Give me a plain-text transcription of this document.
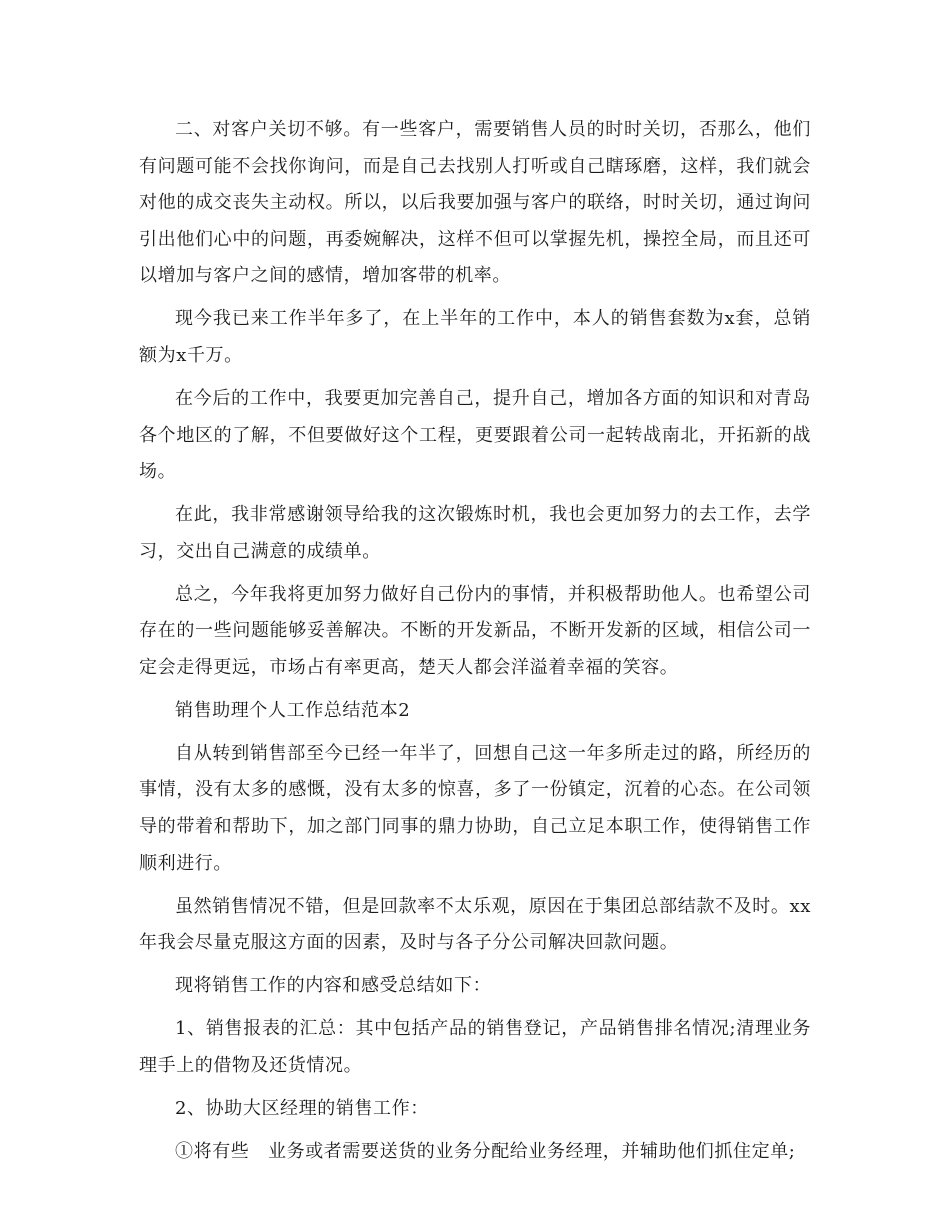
二、对客户关切不够。有一些客户，需要销售人员的时时关切，否那么，他们有问题可能不会找你询问，而是自己去找别人打听或自己瞎琢磨，这样，我们就会对他的成交丧失主动权。所以，以后我要加强与客户的联络，时时关切，通过询问引出他们心中的问题，再委婉解决，这样不但可以掌握先机，操控全局，而且还可以增加与客户之间的感情，增加客带的机率。

现今我已来工作半年多了，在上半年的工作中，本人的销售套数为x套，总销额为x千万。

在今后的工作中，我要更加完善自己，提升自己，增加各方面的知识和对青岛各个地区的了解，不但要做好这个工程，更要跟着公司一起转战南北，开拓新的战场。

在此，我非常感谢领导给我的这次锻炼时机，我也会更加努力的去工作，去学习，交出自己满意的成绩单。

总之，今年我将更加努力做好自己份内的事情，并积极帮助他人。也希望公司存在的一些问题能够妥善解决。不断的开发新品，不断开发新的区域，相信公司一定会走得更远，市场占有率更高，楚天人都会洋溢着幸福的笑容。

销售助理个人工作总结范本2

自从转到销售部至今已经一年半了，回想自己这一年多所走过的路，所经历的事情，没有太多的感慨，没有太多的惊喜，多了一份镇定，沉着的心态。在公司领导的带着和帮助下，加之部门同事的鼎力协助，自己立足本职工作，使得销售工作顺利进行。

虽然销售情况不错，但是回款率不太乐观，原因在于集团总部结款不及时。xx年我会尽量克服这方面的因素，及时与各子分公司解决回款问题。

现将销售工作的内容和感受总结如下：

1、销售报表的汇总：其中包括产品的销售登记，产品销售排名情况;清理业务理手上的借物及还货情况。

2、协助大区经理的销售工作：

①将有些　业务或者需要送货的业务分配给业务经理，并辅助他们抓住定单;
